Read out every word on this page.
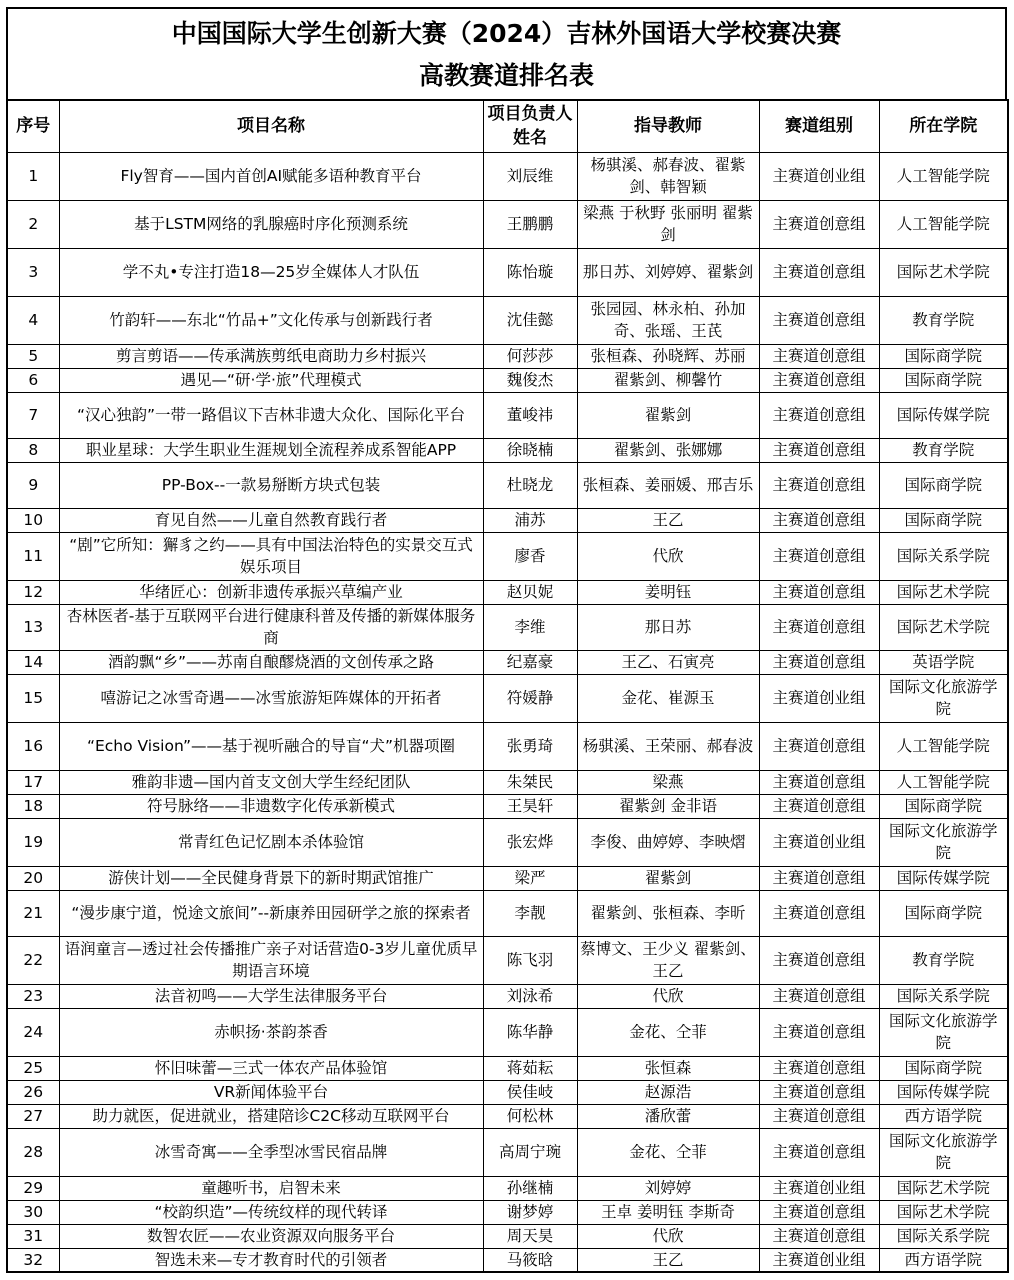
中国国际大学生创新大赛（2024）吉林外国语大学校赛决赛
高教赛道排名表
序号	项目名称	项目负责人姓名	指导教师	赛道组别	所在学院
1	Fly智育——国内首创AI赋能多语种教育平台	刘辰维	杨骐溪、郝春波、翟紫剑、韩智颖	主赛道创业组	人工智能学院
2	基于LSTM网络的乳腺癌时序化预测系统	王鹏鹏	梁燕 于秋野 张丽明 翟紫剑	主赛道创意组	人工智能学院
3	学不丸•专注打造18—25岁全媒体人才队伍	陈怡璇	那日苏、刘婷婷、翟紫剑	主赛道创意组	国际艺术学院
4	竹韵轩——东北“竹品+”文化传承与创新践行者	沈佳懿	张园园、林永柏、孙加奇、张瑶、王芪	主赛道创意组	教育学院
5	剪言剪语——传承满族剪纸电商助力乡村振兴	何莎莎	张桓森、孙晓辉、苏丽	主赛道创意组	国际商学院
6	遇见—“研·学·旅”代理模式	魏俊杰	翟紫剑、柳馨竹	主赛道创意组	国际商学院
7	“汉心独韵”一带一路倡议下吉林非遗大众化、国际化平台	董峻祎	翟紫剑	主赛道创意组	国际传媒学院
8	职业星球：大学生职业生涯规划全流程养成系智能APP	徐晓楠	翟紫剑、张娜娜	主赛道创意组	教育学院
9	PP-Box--一款易掰断方块式包装	杜晓龙	张桓森、姜丽媛、邢吉乐	主赛道创意组	国际商学院
10	育见自然——儿童自然教育践行者	浦苏	王乙	主赛道创意组	国际商学院
11	“剧”它所知：獬豸之约——具有中国法治特色的实景交互式娱乐项目	廖香	代欣	主赛道创意组	国际关系学院
12	华绪匠心：创新非遗传承振兴草编产业	赵贝妮	姜明钰	主赛道创意组	国际艺术学院
13	杏林医者-基于互联网平台进行健康科普及传播的新媒体服务商	李维	那日苏	主赛道创意组	国际艺术学院
14	酒韵飘“乡”——苏南自酿醪烧酒的文创传承之路	纪嘉豪	王乙、石寅亮	主赛道创意组	英语学院
15	嘻游记之冰雪奇遇——冰雪旅游矩阵媒体的开拓者	符媛静	金花、崔源玉	主赛道创业组	国际文化旅游学院
16	“Echo Vision”——基于视听融合的导盲“犬”机器项圈	张勇琦	杨骐溪、王荣丽、郝春波	主赛道创意组	人工智能学院
17	雅韵非遗—国内首支文创大学生经纪团队	朱桀民	梁燕	主赛道创意组	人工智能学院
18	符号脉络——非遗数字化传承新模式	王昊轩	翟紫剑 金非语	主赛道创意组	国际商学院
19	常青红色记忆剧本杀体验馆	张宏烨	李俊、曲婷婷、李映熠	主赛道创业组	国际文化旅游学院
20	游侠计划——全民健身背景下的新时期武馆推广	梁严	翟紫剑	主赛道创意组	国际传媒学院
21	“漫步康宁道，悦途文旅间”--新康养田园研学之旅的探索者	李靓	翟紫剑、张桓森、李昕	主赛道创意组	国际商学院
22	语润童言—透过社会传播推广亲子对话营造0-3岁儿童优质早期语言环境	陈飞羽	蔡博文、王少义 翟紫剑、王乙	主赛道创意组	教育学院
23	法音初鸣——大学生法律服务平台	刘泳希	代欣	主赛道创意组	国际关系学院
24	赤帜扬·茶韵茶香	陈华静	金花、仝菲	主赛道创意组	国际文化旅游学院
25	怀旧味蕾—三式一体农产品体验馆	蒋茹耘	张恒森	主赛道创意组	国际商学院
26	VR新闻体验平台	侯佳岐	赵源浩	主赛道创意组	国际传媒学院
27	助力就医，促进就业，搭建陪诊C2C移动互联网平台	何松林	潘欣蕾	主赛道创意组	西方语学院
28	冰雪奇寓——全季型冰雪民宿品牌	高周宁琬	金花、仝菲	主赛道创意组	国际文化旅游学院
29	童趣听书，启智未来	孙继楠	刘婷婷	主赛道创业组	国际艺术学院
30	“校韵织造”—传统纹样的现代转译	谢梦婷	王卓 姜明钰 李斯奇	主赛道创意组	国际艺术学院
31	数智农匠——农业资源双向服务平台	周天昊	代欣	主赛道创意组	国际关系学院
32	智选未来—专才教育时代的引领者	马筱晗	王乙	主赛道创业组	西方语学院
